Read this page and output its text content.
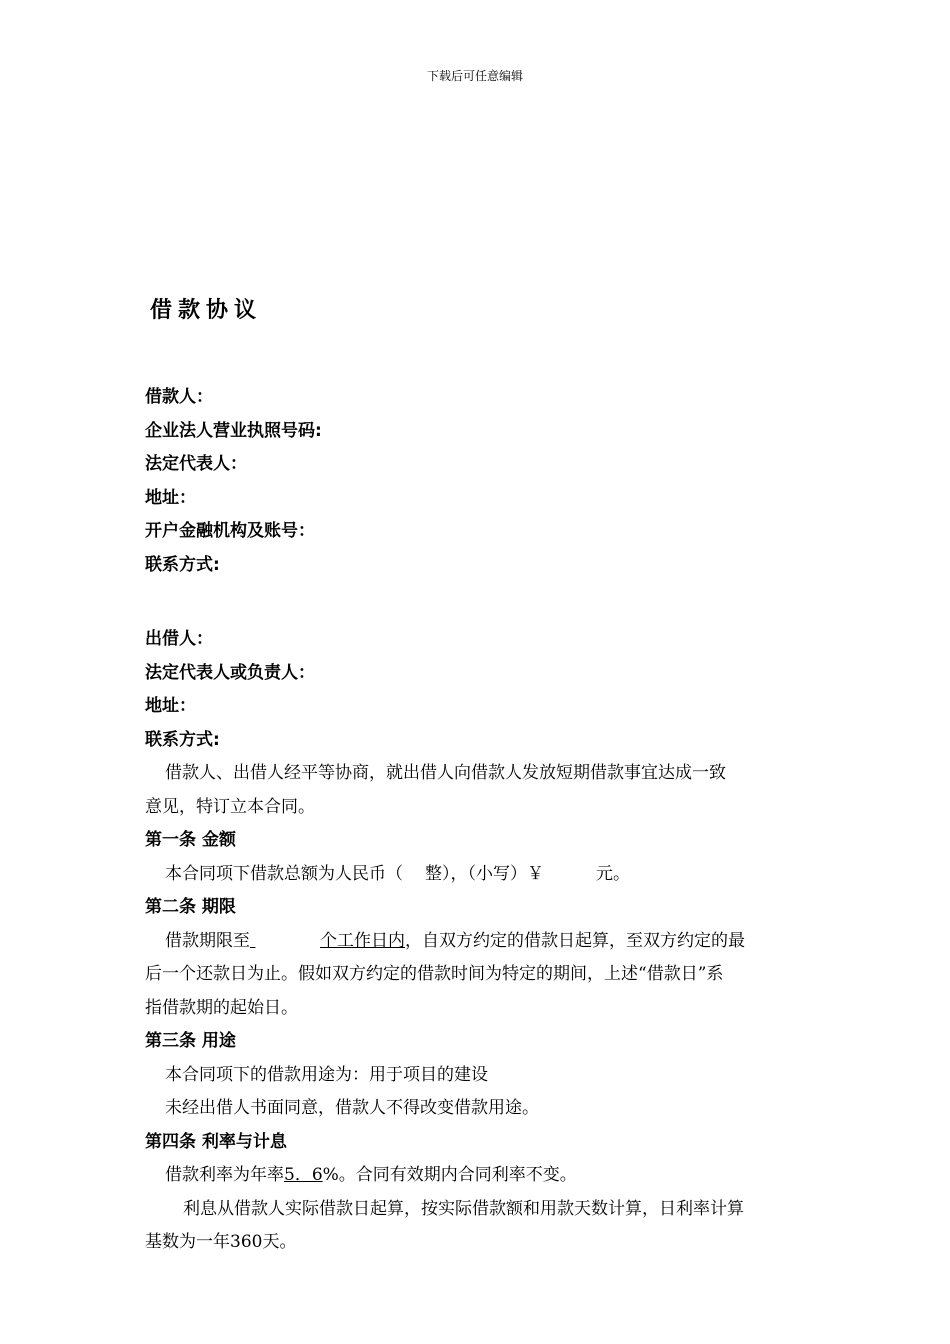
下载后可任意编辑
借款协议
借款人：
企业法人营业执照号码:
法定代表人：
地址：
开户金融机构及账号：
联系方式:
出借人：
法定代表人或负责人：
地址：
联系方式:
借款人、出借人经平等协商，就出借人向借款人发放短期借款事宜达成一致
意见，特订立本合同。
第一条 金额
本合同项下借款总额为人民币（ 整），（小写）￥	元。
第二条 期限
借款期限至	个工作日内，自双方约定的借款日起算，至双方约定的最
后一个还款日为止。假如双方约定的借款时间为特定的期间，上述“借款日”系
指借款期的起始日。
第三条 用途
本合同项下的借款用途为：用于项目的建设
未经出借人书面同意，借款人不得改变借款用途。
第四条 利率与计息
借款利率为年率5．6%。合同有效期内合同利率不变。
利息从借款人实际借款日起算，按实际借款额和用款天数计算，日利率计算
基数为一年360天。
